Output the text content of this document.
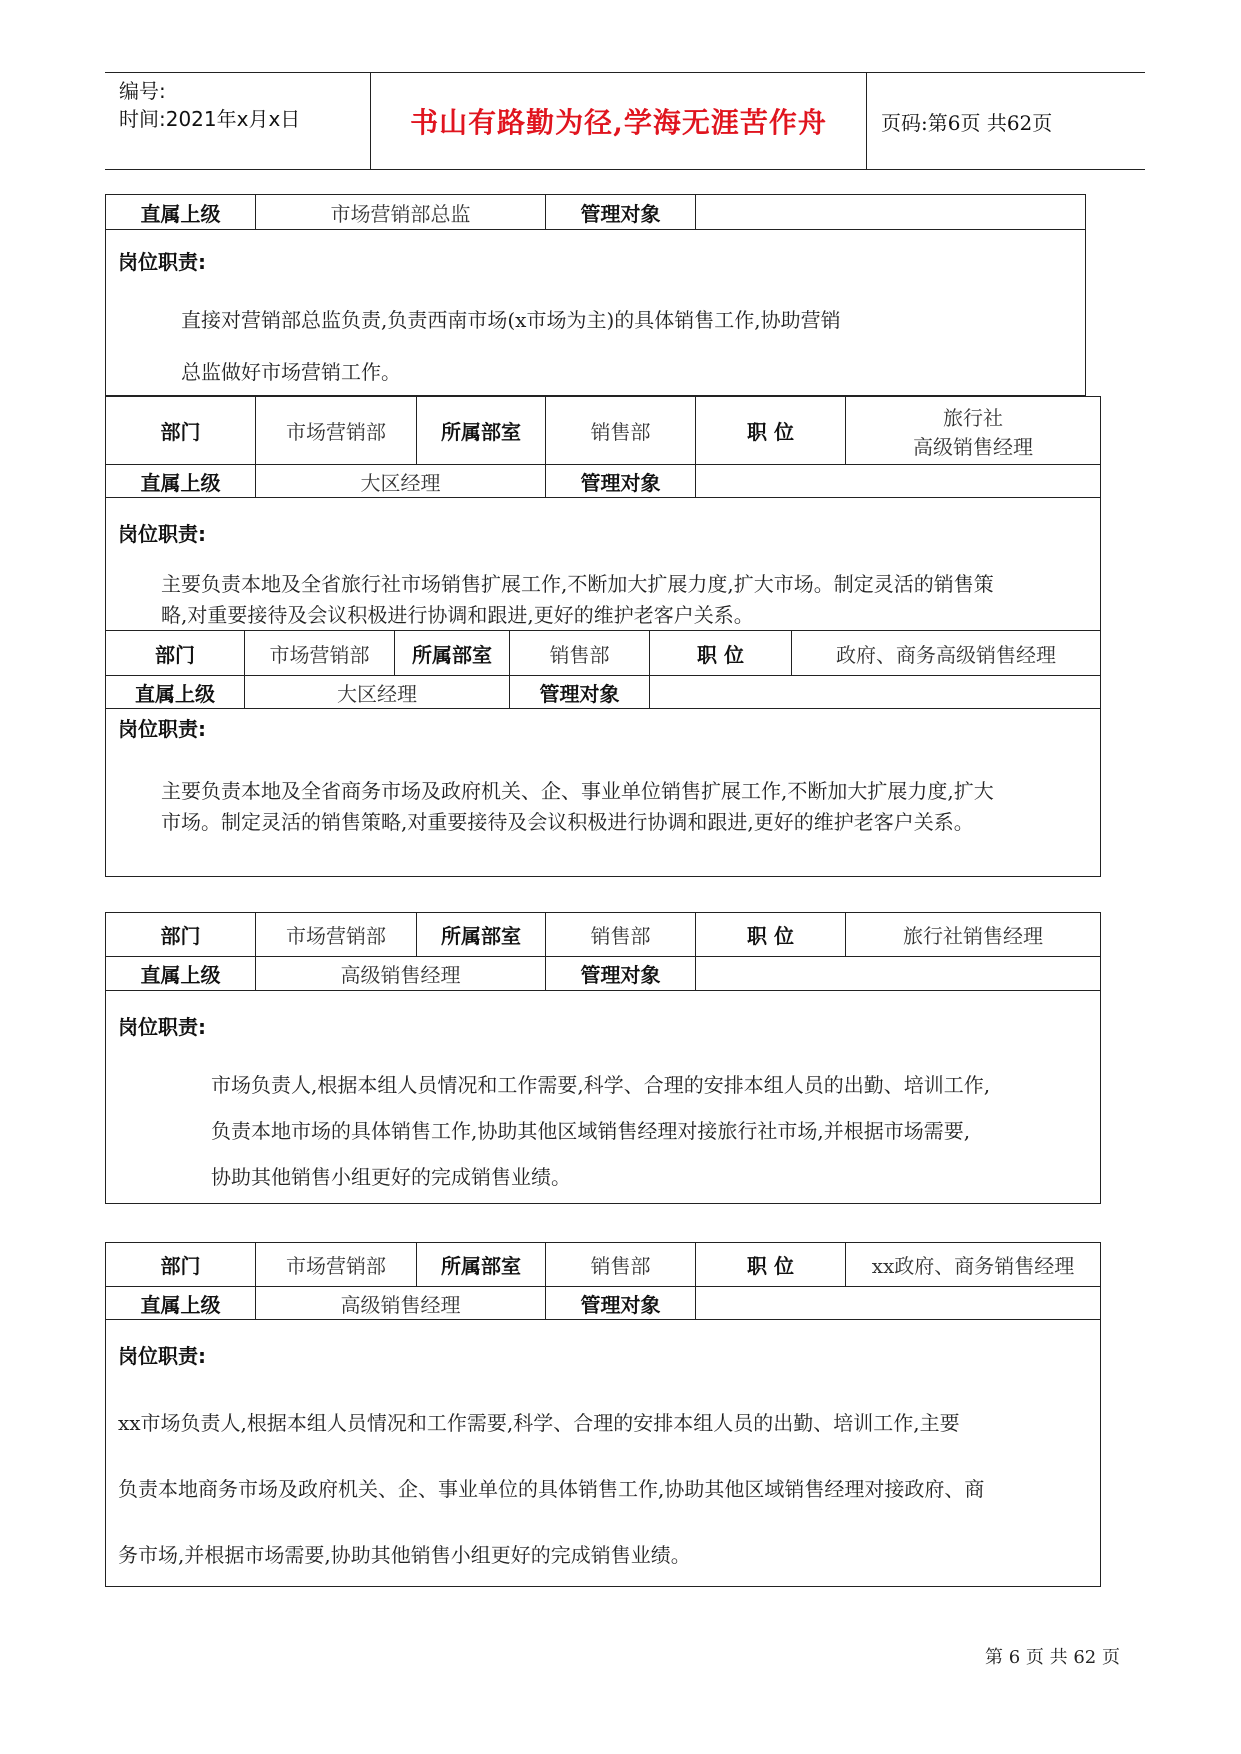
编号:
时间:2021年x月x日	书山有路勤为径,学海无涯苦作舟	页码:第6页 共62页
直属上级	市场营销部总监	管理对象	

岗位职责:
直接对营销部总监负责,负责西南市场(x市场为主)的具体销售工作,协助营销
总监做好市场营销工作。
部门	市场营销部	所属部室	销售部	职 位	旅行社
高级销售经理

直属上级	大区经理		管理对象		

岗位职责:
主要负责本地及全省旅行社市场销售扩展工作,不断加大扩展力度,扩大市场。制定灵活的销售策
略,对重要接待及会议积极进行协调和跟进,更好的维护老客户关系。					
部门	市场营销部	所属部室	销售部	职 位	政府、商务高级销售经理
直属上级	大区经理		管理对象		

岗位职责:
主要负责本地及全省商务市场及政府机关、企、事业单位销售扩展工作,不断加大扩展力度,扩大
市场。制定灵活的销售策略,对重要接待及会议积极进行协调和跟进,更好的维护老客户关系。					
部门	市场营销部	所属部室	销售部	职 位	旅行社销售经理
直属上级	高级销售经理		管理对象		

岗位职责:
市场负责人,根据本组人员情况和工作需要,科学、合理的安排本组人员的出勤、培训工作,
负责本地市场的具体销售工作,协助其他区域销售经理对接旅行社市场,并根据市场需要,
协助其他销售小组更好的完成销售业绩。					
部门	市场营销部	所属部室	销售部	职 位	xx政府、商务销售经理
直属上级	高级销售经理		管理对象		

岗位职责:
xx市场负责人,根据本组人员情况和工作需要,科学、合理的安排本组人员的出勤、培训工作,主要
负责本地商务市场及政府机关、企、事业单位的具体销售工作,协助其他区域销售经理对接政府、商
务市场,并根据市场需要,协助其他销售小组更好的完成销售业绩。					
第 6 页 共 62 页
